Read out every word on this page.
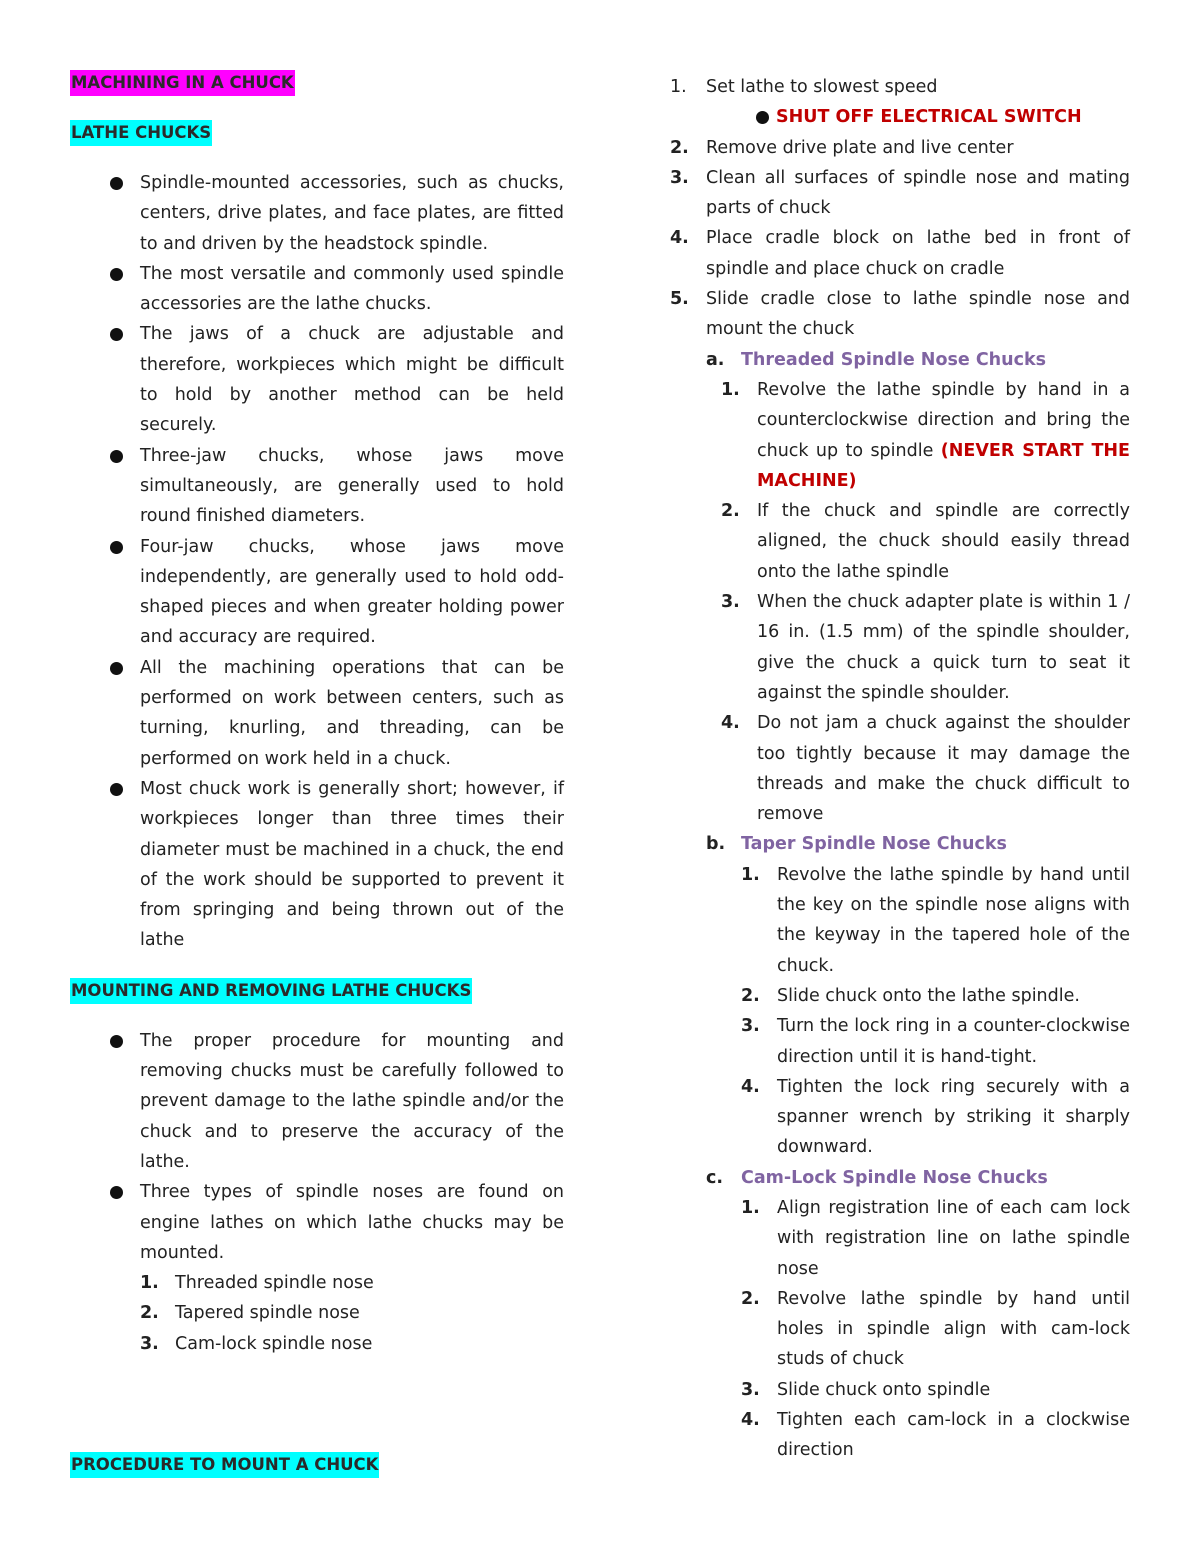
MACHINING IN A CHUCK
LATHE CHUCKS
Spindle-mounted accessories, such as chucks, centers, drive plates, and face plates, are fitted to and driven by the headstock spindle.
The most versatile and commonly used spindle accessories are the lathe chucks.
The jaws of a chuck are adjustable and therefore, workpieces which might be difficult to hold by another method can be held securely.
Three-jaw chucks, whose jaws move simultaneously, are generally used to hold round finished diameters.
Four-jaw chucks, whose jaws move independently, are generally used to hold odd-shaped pieces and when greater holding power and accuracy are required.
All the machining operations that can be performed on work between centers, such as turning, knurling, and threading, can be performed on work held in a chuck.
Most chuck work is generally short; however, if workpieces longer than three times their diameter must be machined in a chuck, the end of the work should be supported to prevent it from springing and being thrown out of the lathe
MOUNTING AND REMOVING LATHE CHUCKS
The proper procedure for mounting and removing chucks must be carefully followed to prevent damage to the lathe spindle and/or the chuck and to preserve the accuracy of the lathe.
Three types of spindle noses are found on engine lathes on which lathe chucks may be mounted.
1. Threaded spindle nose
2. Tapered spindle nose
3. Cam-lock spindle nose
PROCEDURE TO MOUNT A CHUCK
1. Set lathe to slowest speed
SHUT OFF ELECTRICAL SWITCH
2. Remove drive plate and live center
3. Clean all surfaces of spindle nose and mating parts of chuck
4. Place cradle block on lathe bed in front of spindle and place chuck on cradle
5. Slide cradle close to lathe spindle nose and mount the chuck
a. Threaded Spindle Nose Chucks
1. Revolve the lathe spindle by hand in a counterclockwise direction and bring the chuck up to spindle (NEVER START THE MACHINE)
2. If the chuck and spindle are correctly aligned, the chuck should easily thread onto the lathe spindle
3. When the chuck adapter plate is within 1 / 16 in. (1.5 mm) of the spindle shoulder, give the chuck a quick turn to seat it against the spindle shoulder.
4. Do not jam a chuck against the shoulder too tightly because it may damage the threads and make the chuck difficult to remove
b. Taper Spindle Nose Chucks
1. Revolve the lathe spindle by hand until the key on the spindle nose aligns with the keyway in the tapered hole of the chuck.
2. Slide chuck onto the lathe spindle.
3. Turn the lock ring in a counter-clockwise direction until it is hand-tight.
4. Tighten the lock ring securely with a spanner wrench by striking it sharply downward.
c. Cam-Lock Spindle Nose Chucks
1. Align registration line of each cam lock with registration line on lathe spindle nose
2. Revolve lathe spindle by hand until holes in spindle align with cam-lock studs of chuck
3. Slide chuck onto spindle
4. Tighten each cam-lock in a clockwise direction
